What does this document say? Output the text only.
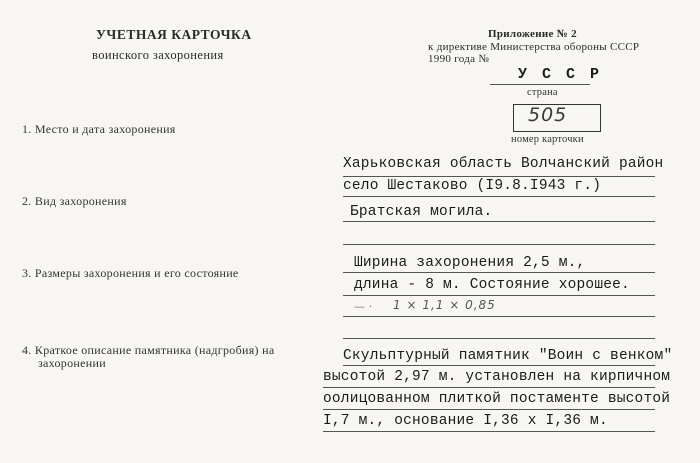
УЧЕТНАЯ КАРТОЧКА
воинского захоронения
Приложение № 2
к директиве Министерства обороны СССР
1990 года №
У С С Р
страна
505
номер карточки
1. Место и дата захоронения
Харьковская область Волчанский район
село Шестаково (I9.8.I943 г.)
2. Вид захоронения
Братская могила.
3. Размеры захоронения и его состояние
Ширина захоронения 2,5 м.,
длина - 8 м. Состояние хорошее.
— · 1 × 1,1 × 0,85
4. Краткое описание памятника (надгробия) на
захоронении	Скульптурный памятник "Воин с венком"
высотой 2,97 м. установлен на кирпичном
оолицованном плиткой постаменте высотой
I,7 м., основание I,36 x I,36 м.
